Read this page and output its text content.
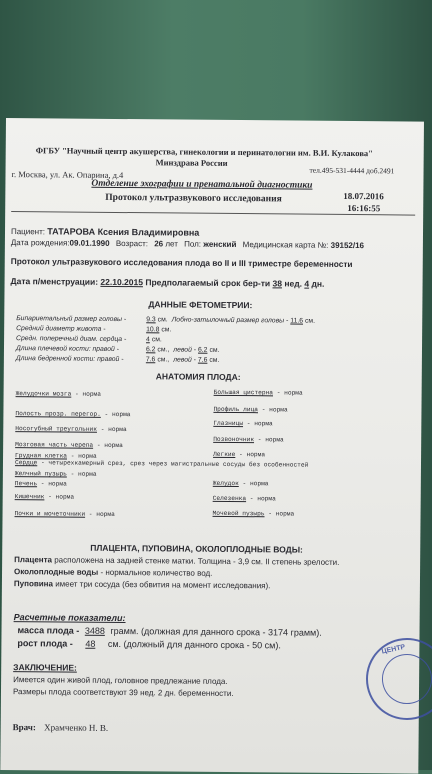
ФГБУ "Научный центр акушерства, гинекологии и перинатологии им. В.И. Кулакова"
Минздрава России
г. Москва, ул. Ак. Опарина, д.4	тел.495-531-4444 доб.2491
Отделение эхографии и пренатальной диагностики
Протокол ультразвукового исследования	18.07.2016
16:16:55
Пациент: ТАТАРОВА Ксения Владимировна
Дата рождения:09.01.1990 Возраст: 26 лет Пол: женский Медицинская карта №: 39152/16
Протокол ультразвукового исследования плода во II и III триместре беременности
Дата п/менструации: 22.10.2015 Предполагаемый срок бер-ти 38 нед. 4 дн.
ДАННЫЕ ФЕТОМЕТРИИ:
Бипариетальный размер головы -	9.3 см. Лобно-затылочный размер головы - 11.6 см.
Средний диаметр живота -	10.8 см.
Средн. поперечный диам. сердца -	4 см.
Длина плечевой кости: правой -	6.2 см., левой - 6.2 см.
Длина бедренной кости: правой -	7.6 см., левой - 7.6 см.
АНАТОМИЯ ПЛОДА:
Желудочки мозга - норма
Полость прозр. перегор. - норма
Носогубный треугольник - норма
Мозговая часть черепа - норма
Грудная клетка - норма
Большая цистерна - норма
Профиль лица - норма
Глазницы - норма
Позвоночник - норма
Легкие - норма
Желчный пузырь - норма
Печень - норма
Кишечник - норма
Почки и мочеточники - норма
Желудок - норма
Селезенка - норма
Мочевой пузырь - норма
Сердце - четырехкамерный срез, срез через магистральные сосуды без особенностей
ПЛАЦЕНТА, ПУПОВИНА, ОКОЛОПЛОДНЫЕ ВОДЫ:
Плацента расположена на задней стенке матки. Толщина - 3,9 см. II степень зрелости.
Околоплодные воды - нормальное количество вод.
Пуповина имеет три сосуда (без обвития на момент исследования).
Расчетные показатели:
масса плода - 3488 грамм. (должная для данного срока - 3174 грамм).
рост плода - 48 см. (должный для данного срока - 50 см).
ЗАКЛЮЧЕНИЕ:
Имеется один живой плод, головное предлежание плода.
Размеры плода соответствуют 39 нед. 2 дн. беременности.
Врач: Храмченко Н. В.
ЦЕНТР
